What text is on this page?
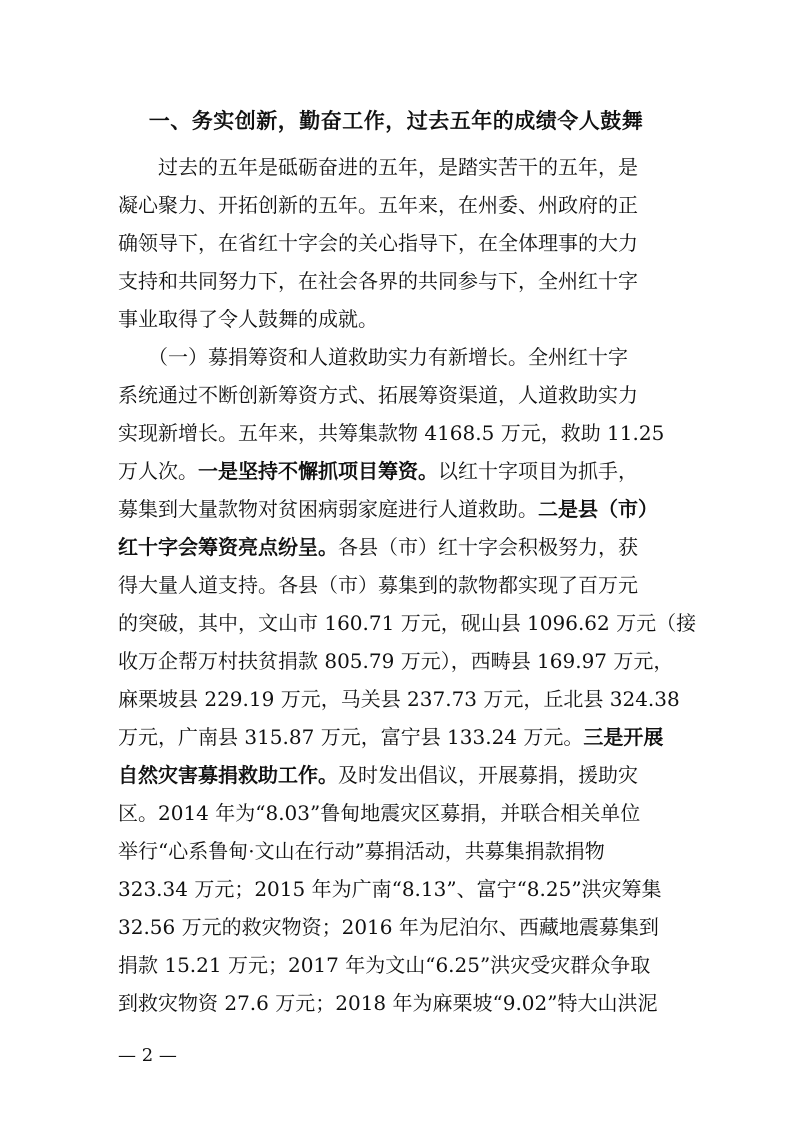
一、务实创新，勤奋工作，过去五年的成绩令人鼓舞
　　过去的五年是砥砺奋进的五年，是踏实苦干的五年，是
凝心聚力、开拓创新的五年。五年来，在州委、州政府的正
确领导下，在省红十字会的关心指导下，在全体理事的大力
支持和共同努力下，在社会各界的共同参与下，全州红十字
事业取得了令人鼓舞的成就。
　　（一）募捐筹资和人道救助实力有新增长。全州红十字
系统通过不断创新筹资方式、拓展筹资渠道，人道救助实力
实现新增长。五年来，共筹集款物 4168.5 万元，救助 11.25
万人次。一是坚持不懈抓项目筹资。以红十字项目为抓手，
募集到大量款物对贫困病弱家庭进行人道救助。二是县（市）
红十字会筹资亮点纷呈。各县（市）红十字会积极努力，获
得大量人道支持。各县（市）募集到的款物都实现了百万元
的突破，其中，文山市 160.71 万元，砚山县 1096.62 万元（接
收万企帮万村扶贫捐款 805.79 万元），西畴县 169.97 万元，
麻栗坡县 229.19 万元，马关县 237.73 万元，丘北县 324.38
万元，广南县 315.87 万元，富宁县 133.24 万元。三是开展
自然灾害募捐救助工作。及时发出倡议，开展募捐，援助灾
区。2014 年为“8.03”鲁甸地震灾区募捐，并联合相关单位
举行“心系鲁甸·文山在行动”募捐活动，共募集捐款捐物
323.34 万元；2015 年为广南“8.13”、富宁“8.25”洪灾筹集
32.56 万元的救灾物资；2016 年为尼泊尔、西藏地震募集到
捐款 15.21 万元；2017 年为文山“6.25”洪灾受灾群众争取
到救灾物资 27.6 万元；2018 年为麻栗坡“9.02”特大山洪泥
— 2 —
